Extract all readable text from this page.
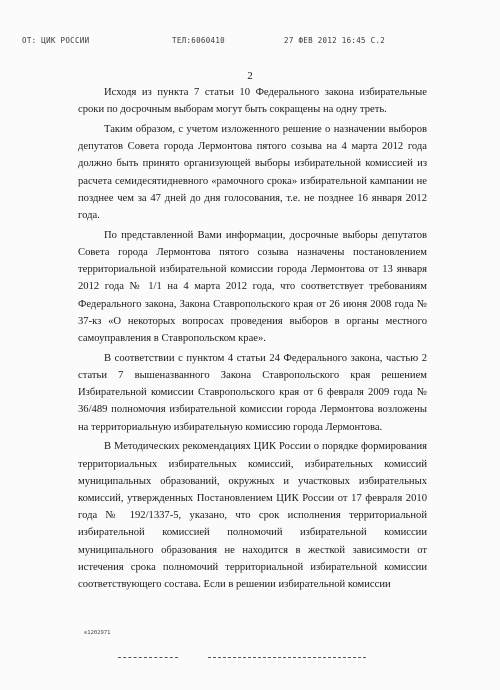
ОТ: ЦИК РОССИИ	ТЕЛ:6060410	27 ФЕВ 2012 16:45 С.2
2

Исходя из пункта 7 статьи 10 Федерального закона избирательные сроки по досрочным выборам могут быть сокращены на одну треть.

Таким образом, с учетом изложенного решение о назначении выборов депутатов Совета города Лермонтова пятого созыва на 4 марта 2012 года должно быть принято организующей выборы избирательной комиссией из расчета семидесятидневного «рамочного срока» избирательной кампании не позднее чем за 47 дней до дня голосования, т.е. не позднее 16 января 2012 года.

По представленной Вами информации, досрочные выборы депутатов Совета города Лермонтова пятого созыва назначены постановлением территориальной избирательной комиссии города Лермонтова от 13 января 2012 года № 1/1 на 4 марта 2012 года, что соответствует требованиям Федерального закона, Закона Ставропольского края от 26 июня 2008 года № 37-кз «О некоторых вопросах проведения выборов в органы местного самоуправления в Ставропольском крае».

В соответствии с пунктом 4 статьи 24 Федерального закона, частью 2 статьи 7 вышеназванного Закона Ставропольского края решением Избирательной комиссии Ставропольского края от 6 февраля 2009 года № 36/489 полномочия избирательной комиссии города Лермонтова возложены на территориальную избирательную комиссию города Лермонтова.

В Методических рекомендациях ЦИК России о порядке формирования территориальных избирательных комиссий, избирательных комиссий муниципальных образований, окружных и участковых избирательных комиссий, утвержденных Постановлением ЦИК России от 17 февраля 2010 года № 192/1337-5, указано, что срок исполнения территориальной избирательной комиссией полномочий избирательной комиссии муниципального образования не находится в жесткой зависимости от истечения срока полномочий территориальной избирательной комиссии соответствующего состава. Если в решении избирательной комиссии

к1202971
